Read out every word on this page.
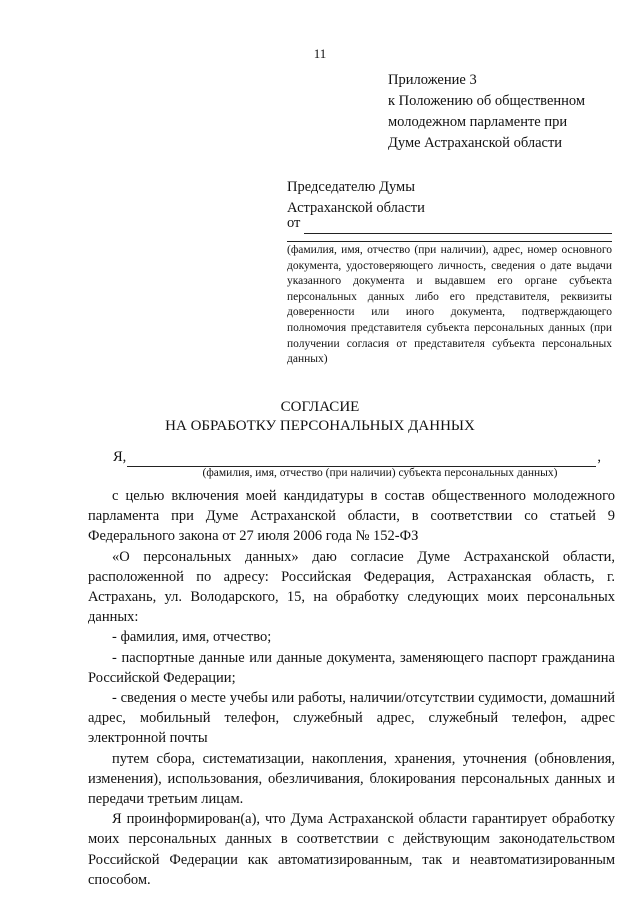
11
Приложение 3
к Положению об общественном
молодежном парламенте при
Думе Астраханской области
Председателю Думы
Астраханской области
от
(фамилия, имя, отчество (при наличии), адрес, номер основного документа, удостоверяющего личность, сведения о дате выдачи указанного документа и выдавшем его органе субъекта персональных данных либо его представителя, реквизиты доверенности или иного документа, подтверждающего полномочия представителя субъекта персональных данных (при получении согласия от представителя субъекта персональных данных)
СОГЛАСИЕ
НА ОБРАБОТКУ ПЕРСОНАЛЬНЫХ ДАННЫХ
Я,	,
(фамилия, имя, отчество (при наличии) субъекта персональных данных)

с целью включения моей кандидатуры в состав общественного молодежного парламента при Думе Астраханской области, в соответствии со статьей 9 Федерального закона от 27 июля 2006 года № 152-ФЗ

«О персональных данных» даю согласие Думе Астраханской области, расположенной по адресу: Российская Федерация, Астраханская область, г. Астрахань, ул. Володарского, 15, на обработку следующих моих персональных данных:

- фамилия, имя, отчество;

- паспортные данные или данные документа, заменяющего паспорт гражданина Российской Федерации;

- сведения о месте учебы или работы, наличии/отсутствии судимости, домашний адрес, мобильный телефон, служебный адрес, служебный телефон, адрес электронной почты

путем сбора, систематизации, накопления, хранения, уточнения (обновления, изменения), использования, обезличивания, блокирования персональных данных и передачи третьим лицам.

Я проинформирован(а), что Дума Астраханской области гарантирует обработку моих персональных данных в соответствии с действующим законодательством Российской Федерации как автоматизированным, так и неавтоматизированным способом.
